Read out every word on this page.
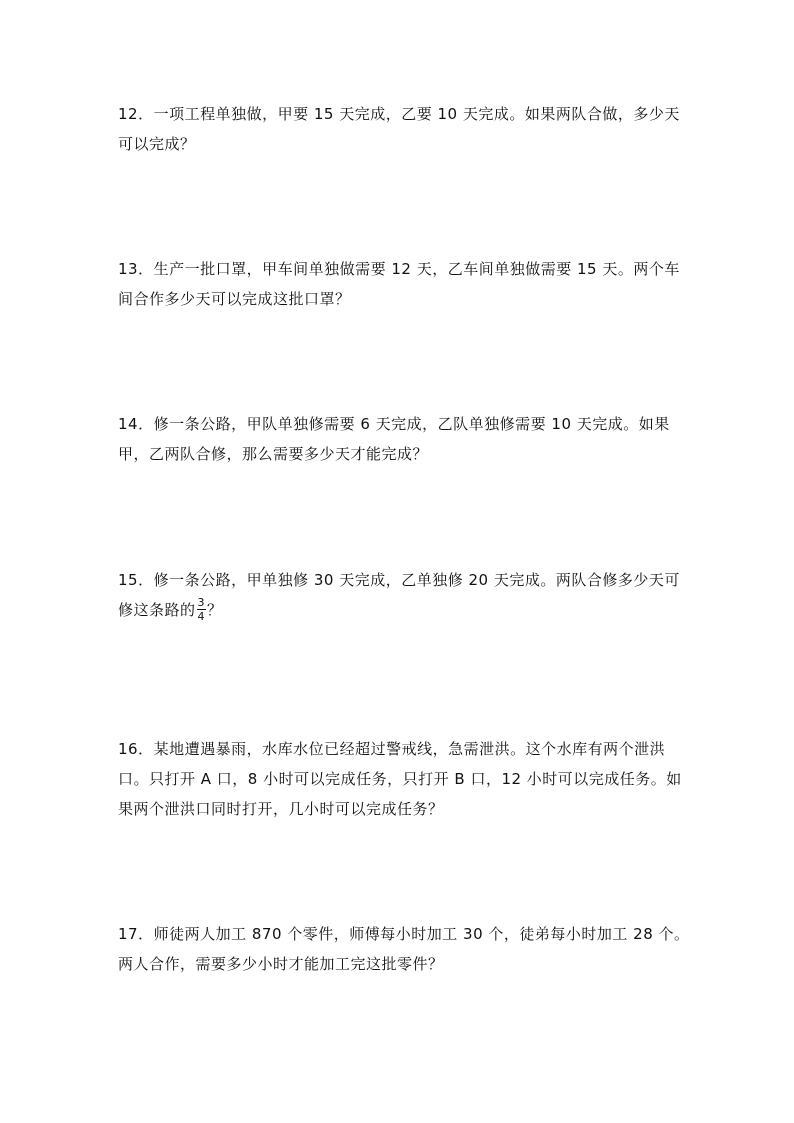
12．一项工程单独做，甲要 15 天完成，乙要 10 天完成。如果两队合做，多少天
可以完成？
13．生产一批口罩，甲车间单独做需要 12 天，乙车间单独做需要 15 天。两个车
间合作多少天可以完成这批口罩？
14．修一条公路，甲队单独修需要 6 天完成，乙队单独修需要 10 天完成。如果
甲，乙两队合修，那么需要多少天才能完成？
15．修一条公路，甲单独修 30 天完成，乙单独修 20 天完成。两队合修多少天可
修这条路的 $\frac{3}{4}$ ？
16．某地遭遇暴雨，水库水位已经超过警戒线，急需泄洪。这个水库有两个泄洪
口。只打开 A 口，8 小时可以完成任务，只打开 B 口，12 小时可以完成任务。如
果两个泄洪口同时打开，几小时可以完成任务？
17．师徒两人加工 870 个零件，师傅每小时加工 30 个，徒弟每小时加工 28 个。
两人合作，需要多少小时才能加工完这批零件？
